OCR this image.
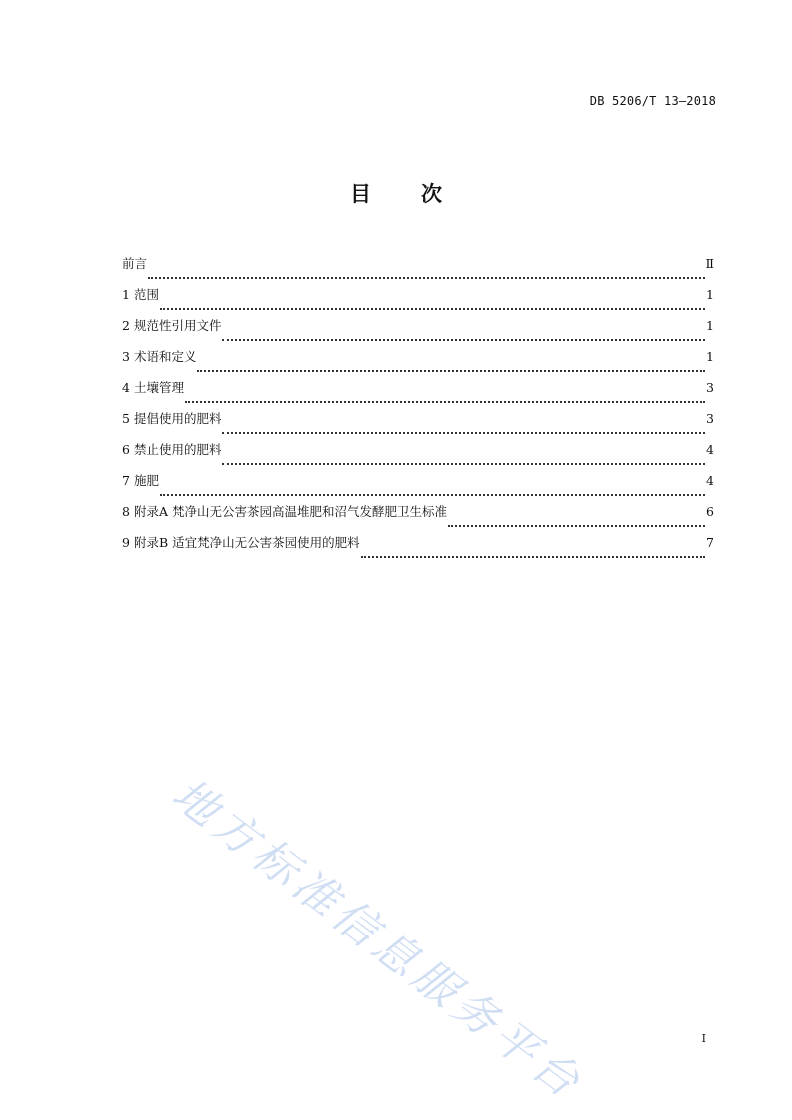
DB 5206/T 13—2018
目 次
前言	Ⅱ
1 范围	1
2 规范性引用文件	1
3 术语和定义	1
4 土壤管理	3
5 提倡使用的肥料	3
6 禁止使用的肥料	4
7 施肥	4
8 附录A 梵净山无公害茶园高温堆肥和沼气发酵肥卫生标准	6
9 附录B 适宜梵净山无公害茶园使用的肥料	7
地方标准信息服务平台	I
